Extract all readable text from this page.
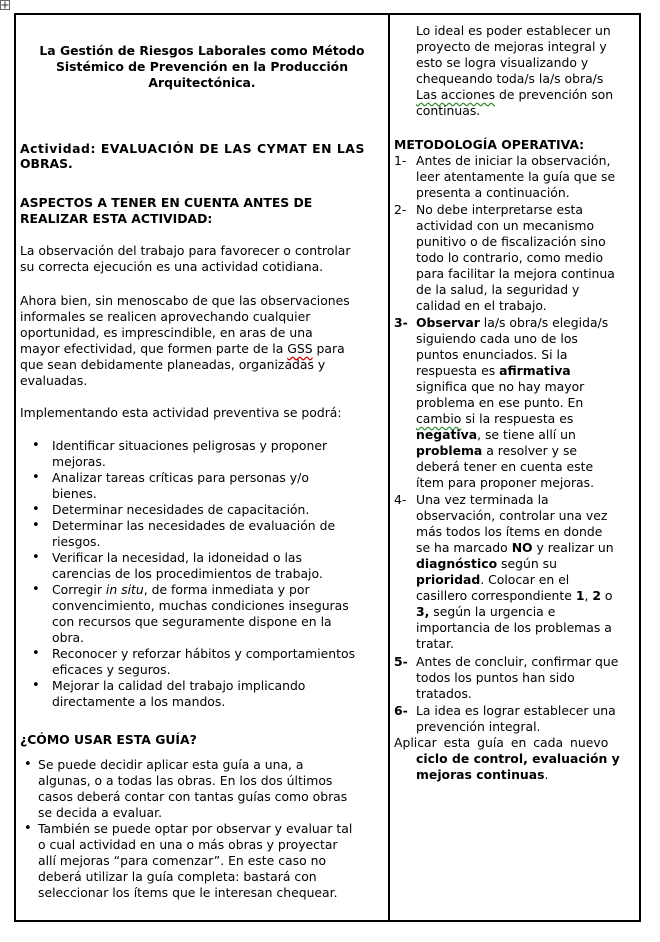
La Gestión de Riesgos Laborales como Método
Sistémico de Prevención en la Producción
Arquitectónica.
Actividad: EVALUACIÓN DE LAS CYMAT EN LAS
OBRAS.
ASPECTOS A TENER EN CUENTA ANTES DE
REALIZAR ESTA ACTIVIDAD:
La observación del trabajo para favorecer o controlar
su correcta ejecución es una actividad cotidiana.
Ahora bien, sin menoscabo de que las observaciones
informales se realicen aprovechando cualquier
oportunidad, es imprescindible, en aras de una
mayor efectividad, que formen parte de la GSS para
que sean debidamente planeadas, organizadas y
evaluadas.
Implementando esta actividad preventiva se podrá:
• Identificar situaciones peligrosas y proponer
mejoras.
• Analizar tareas críticas para personas y/o
bienes.
• Determinar necesidades de capacitación.
• Determinar las necesidades de evaluación de
riesgos.
• Verificar la necesidad, la idoneidad o las
carencias de los procedimientos de trabajo.
• Corregir in situ, de forma inmediata y por
convencimiento, muchas condiciones inseguras
con recursos que seguramente dispone en la
obra.
• Reconocer y reforzar hábitos y comportamientos
eficaces y seguros.
• Mejorar la calidad del trabajo implicando
directamente a los mandos.
¿CÓMO USAR ESTA GUÍA?
• Se puede decidir aplicar esta guía a una, a
algunas, o a todas las obras. En los dos últimos
casos deberá contar con tantas guías como obras
se decida a evaluar.
• También se puede optar por observar y evaluar tal
o cual actividad en una o más obras y proyectar
allí mejoras “para comenzar”. En este caso no
deberá utilizar la guía completa: bastará con
seleccionar los ítems que le interesan chequear.
Lo ideal es poder establecer un
proyecto de mejoras integral y
esto se logra visualizando y
chequeando toda/s la/s obra/s
Las acciones de prevención son
continuas.
METODOLOGÍA OPERATIVA:
1- Antes de iniciar la observación,
leer atentamente la guía que se
presenta a continuación.
2- No debe interpretarse esta
actividad con un mecanismo
punitivo o de fiscalización sino
todo lo contrario, como medio
para facilitar la mejora continua
de la salud, la seguridad y
calidad en el trabajo.
3- Observar la/s obra/s elegida/s
siguiendo cada uno de los
puntos enunciados. Si la
respuesta es afirmativa
significa que no hay mayor
problema en ese punto. En
cambio si la respuesta es
negativa, se tiene allí un
problema a resolver y se
deberá tener en cuenta este
ítem para proponer mejoras.
4- Una vez terminada la
observación, controlar una vez
más todos los ítems en donde
se ha marcado NO y realizar un
diagnóstico según su
prioridad. Colocar en el
casillero correspondiente 1, 2 o
3, según la urgencia e
importancia de los problemas a
tratar.
5- Antes de concluir, confirmar que
todos los puntos han sido
tratados.
6- La idea es lograr establecer una
prevención integral.
Aplicar esta guía en cada nuevo
ciclo de control, evaluación y
mejoras continuas.
